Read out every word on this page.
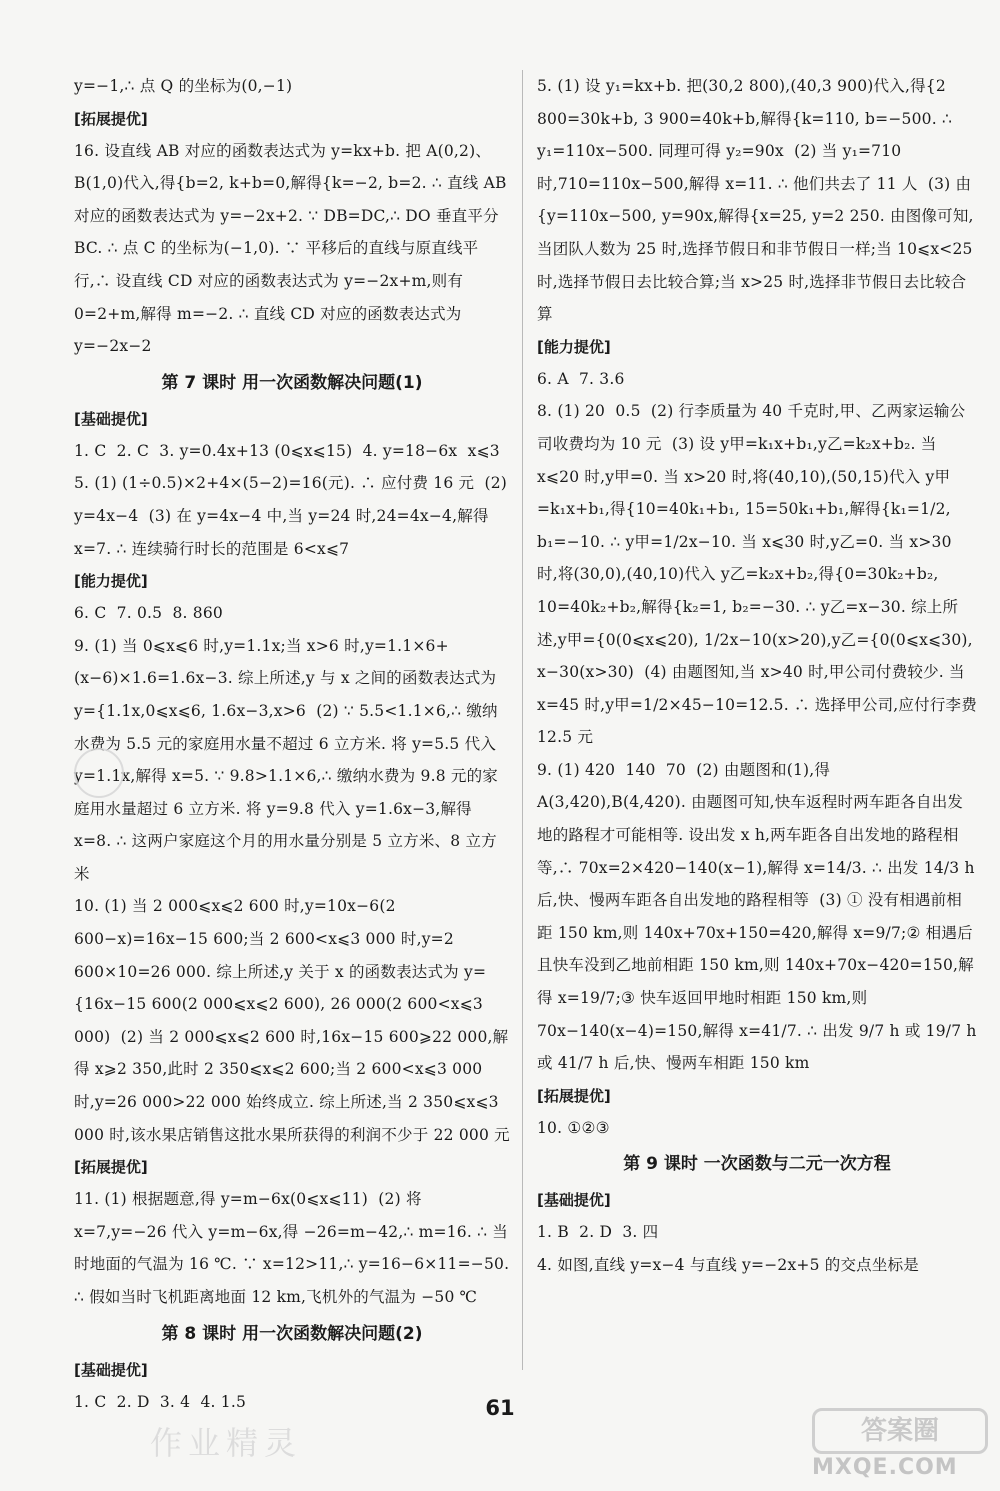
y=−1,∴ 点 Q 的坐标为(0,−1)

[拓展提优]

16. 设直线 AB 对应的函数表达式为 y=kx+b. 把 A(0,2)、B(1,0)代入,得{b=2, k+b=0,解得{k=−2, b=2. ∴ 直线 AB 对应的函数表达式为 y=−2x+2. ∵ DB=DC,∴ DO 垂直平分 BC. ∴ 点 C 的坐标为(−1,0). ∵ 平移后的直线与原直线平行,∴ 设直线 CD 对应的函数表达式为 y=−2x+m,则有 0=2+m,解得 m=−2. ∴ 直线 CD 对应的函数表达式为 y=−2x−2

第 7 课时 用一次函数解决问题(1)

[基础提优]

1. C  2. C  3. y=0.4x+13 (0⩽x⩽15)  4. y=18−6x  x⩽3

5. (1) (1÷0.5)×2+4×(5−2)=16(元). ∴ 应付费 16 元  (2) y=4x−4  (3) 在 y=4x−4 中,当 y=24 时,24=4x−4,解得 x=7. ∴ 连续骑行时长的范围是 6<x⩽7

[能力提优]

6. C  7. 0.5  8. 860

9. (1) 当 0⩽x⩽6 时,y=1.1x;当 x>6 时,y=1.1×6+(x−6)×1.6=1.6x−3. 综上所述,y 与 x 之间的函数表达式为 y={1.1x,0⩽x⩽6, 1.6x−3,x>6  (2) ∵ 5.5<1.1×6,∴ 缴纳水费为 5.5 元的家庭用水量不超过 6 立方米. 将 y=5.5 代入 y=1.1x,解得 x=5. ∵ 9.8>1.1×6,∴ 缴纳水费为 9.8 元的家庭用水量超过 6 立方米. 将 y=9.8 代入 y=1.6x−3,解得 x=8. ∴ 这两户家庭这个月的用水量分别是 5 立方米、8 立方米

10. (1) 当 2 000⩽x⩽2 600 时,y=10x−6(2 600−x)=16x−15 600;当 2 600<x⩽3 000 时,y=2 600×10=26 000. 综上所述,y 关于 x 的函数表达式为 y={16x−15 600(2 000⩽x⩽2 600), 26 000(2 600<x⩽3 000)  (2) 当 2 000⩽x⩽2 600 时,16x−15 600⩾22 000,解得 x⩾2 350,此时 2 350⩽x⩽2 600;当 2 600<x⩽3 000 时,y=26 000>22 000 始终成立. 综上所述,当 2 350⩽x⩽3 000 时,该水果店销售这批水果所获得的利润不少于 22 000 元

[拓展提优]

11. (1) 根据题意,得 y=m−6x(0⩽x⩽11)  (2) 将 x=7,y=−26 代入 y=m−6x,得 −26=m−42,∴ m=16. ∴ 当时地面的气温为 16 ℃. ∵ x=12>11,∴ y=16−6×11=−50. ∴ 假如当时飞机距离地面 12 km,飞机外的气温为 −50 ℃

第 8 课时 用一次函数解决问题(2)

[基础提优]

1. C  2. D  3. 4  4. 1.5

5. (1) 设 y₁=kx+b. 把(30,2 800),(40,3 900)代入,得{2 800=30k+b, 3 900=40k+b,解得{k=110, b=−500. ∴ y₁=110x−500. 同理可得 y₂=90x  (2) 当 y₁=710 时,710=110x−500,解得 x=11. ∴ 他们共去了 11 人  (3) 由{y=110x−500, y=90x,解得{x=25, y=2 250. 由图像可知,当团队人数为 25 时,选择节假日和非节假日一样;当 10⩽x<25 时,选择节假日去比较合算;当 x>25 时,选择非节假日去比较合算

[能力提优]

6. A  7. 3.6

8. (1) 20  0.5  (2) 行李质量为 40 千克时,甲、乙两家运输公司收费均为 10 元  (3) 设 y甲=k₁x+b₁,y乙=k₂x+b₂. 当 x⩽20 时,y甲=0. 当 x>20 时,将(40,10),(50,15)代入 y甲=k₁x+b₁,得{10=40k₁+b₁, 15=50k₁+b₁,解得{k₁=1/2, b₁=−10. ∴ y甲=1/2x−10. 当 x⩽30 时,y乙=0. 当 x>30 时,将(30,0),(40,10)代入 y乙=k₂x+b₂,得{0=30k₂+b₂, 10=40k₂+b₂,解得{k₂=1, b₂=−30. ∴ y乙=x−30. 综上所述,y甲={0(0⩽x⩽20), 1/2x−10(x>20),y乙={0(0⩽x⩽30), x−30(x>30)  (4) 由题图知,当 x>40 时,甲公司付费较少. 当 x=45 时,y甲=1/2×45−10=12.5. ∴ 选择甲公司,应付行李费 12.5 元

9. (1) 420  140  70  (2) 由题图和(1),得 A(3,420),B(4,420). 由题图可知,快车返程时两车距各自出发地的路程才可能相等. 设出发 x h,两车距各自出发地的路程相等,∴ 70x=2×420−140(x−1),解得 x=14/3. ∴ 出发 14/3 h 后,快、慢两车距各自出发地的路程相等  (3) ① 没有相遇前相距 150 km,则 140x+70x+150=420,解得 x=9/7;② 相遇后且快车没到乙地前相距 150 km,则 140x+70x−420=150,解得 x=19/7;③ 快车返回甲地时相距 150 km,则 70x−140(x−4)=150,解得 x=41/7. ∴ 出发 9/7 h 或 19/7 h 或 41/7 h 后,快、慢两车相距 150 km

[拓展提优]

10. ①②③

第 9 课时 一次函数与二元一次方程

[基础提优]

1. B  2. D  3. 四

4. 如图,直线 y=x−4 与直线 y=−2x+5 的交点坐标是

61
作业精灵	答案圈
MXQE.COM
